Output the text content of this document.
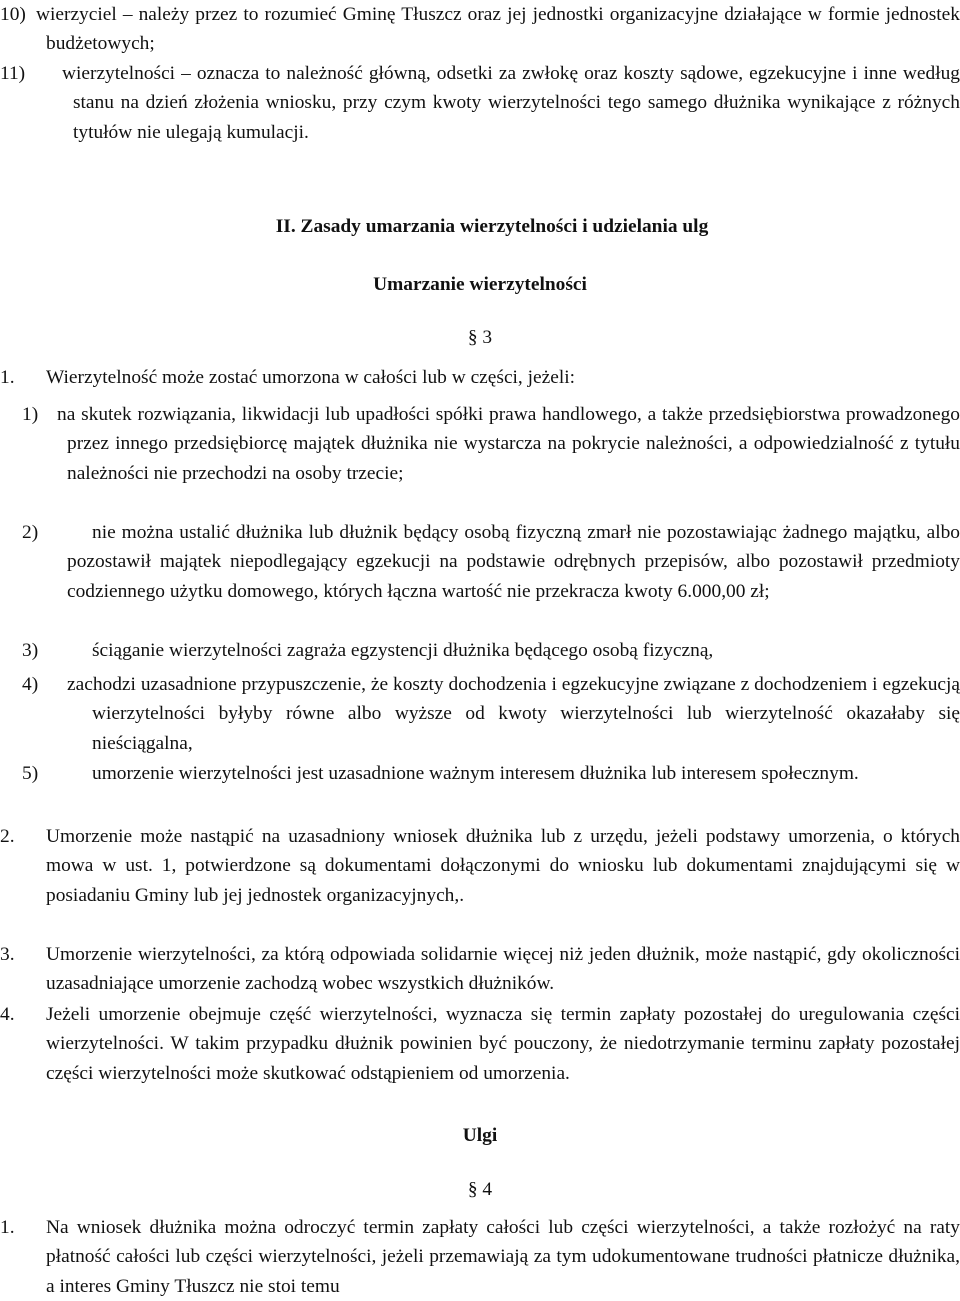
10) wierzyciel – należy przez to rozumieć Gminę Tłuszcz oraz jej jednostki organizacyjne działające w formie jednostek budżetowych;
11) wierzytelności – oznacza to należność główną, odsetki za zwłokę oraz koszty sądowe, egzekucyjne i inne według stanu na dzień złożenia wniosku, przy czym kwoty wierzytelności tego samego dłużnika wynikające z różnych tytułów nie ulegają kumulacji.
II. Zasady umarzania wierzytelności i udzielania ulg
Umarzanie wierzytelności
§ 3
1. Wierzytelność może zostać umorzona w całości lub w części, jeżeli:
1) na skutek rozwiązania, likwidacji lub upadłości spółki prawa handlowego, a także przedsiębiorstwa prowadzonego przez innego przedsiębiorcę majątek dłużnika nie wystarcza na pokrycie należności, a odpowiedzialność z tytułu należności nie przechodzi na osoby trzecie;
2)	nie można ustalić dłużnika lub dłużnik będący osobą fizyczną zmarł nie pozostawiając żadnego majątku, albo pozostawił majątek niepodlegający egzekucji na podstawie odrębnych przepisów, albo pozostawił przedmioty codziennego użytku domowego, których łączna wartość nie przekracza kwoty 6.000,00 zł;
3)	ściąganie wierzytelności zagraża egzystencji dłużnika będącego osobą fizyczną,
4) zachodzi uzasadnione przypuszczenie, że koszty dochodzenia i egzekucyjne związane z dochodzeniem i egzekucją wierzytelności byłyby równe albo wyższe od kwoty wierzytelności lub wierzytelność okazałaby się nieściągalna,
5)	umorzenie wierzytelności jest uzasadnione ważnym interesem dłużnika lub interesem społecznym.
2. Umorzenie może nastąpić na uzasadniony wniosek dłużnika lub z urzędu, jeżeli podstawy umorzenia, o których mowa w ust. 1, potwierdzone są dokumentami dołączonymi do wniosku lub dokumentami znajdującymi się w posiadaniu Gminy lub jej jednostek organizacyjnych,.
3. Umorzenie wierzytelności, za którą odpowiada solidarnie więcej niż jeden dłużnik, może nastąpić, gdy okoliczności uzasadniające umorzenie zachodzą wobec wszystkich dłużników.
4. Jeżeli umorzenie obejmuje część wierzytelności, wyznacza się termin zapłaty pozostałej do uregulowania części wierzytelności. W takim przypadku dłużnik powinien być pouczony, że niedotrzymanie terminu zapłaty pozostałej części wierzytelności może skutkować odstąpieniem od umorzenia.
Ulgi
§ 4
1. Na wniosek dłużnika można odroczyć termin zapłaty całości lub części wierzytelności, a także rozłożyć na raty płatność całości lub części wierzytelności, jeżeli przemawiają za tym udokumentowane trudności płatnicze dłużnika, a interes Gminy Tłuszcz nie stoi temu
